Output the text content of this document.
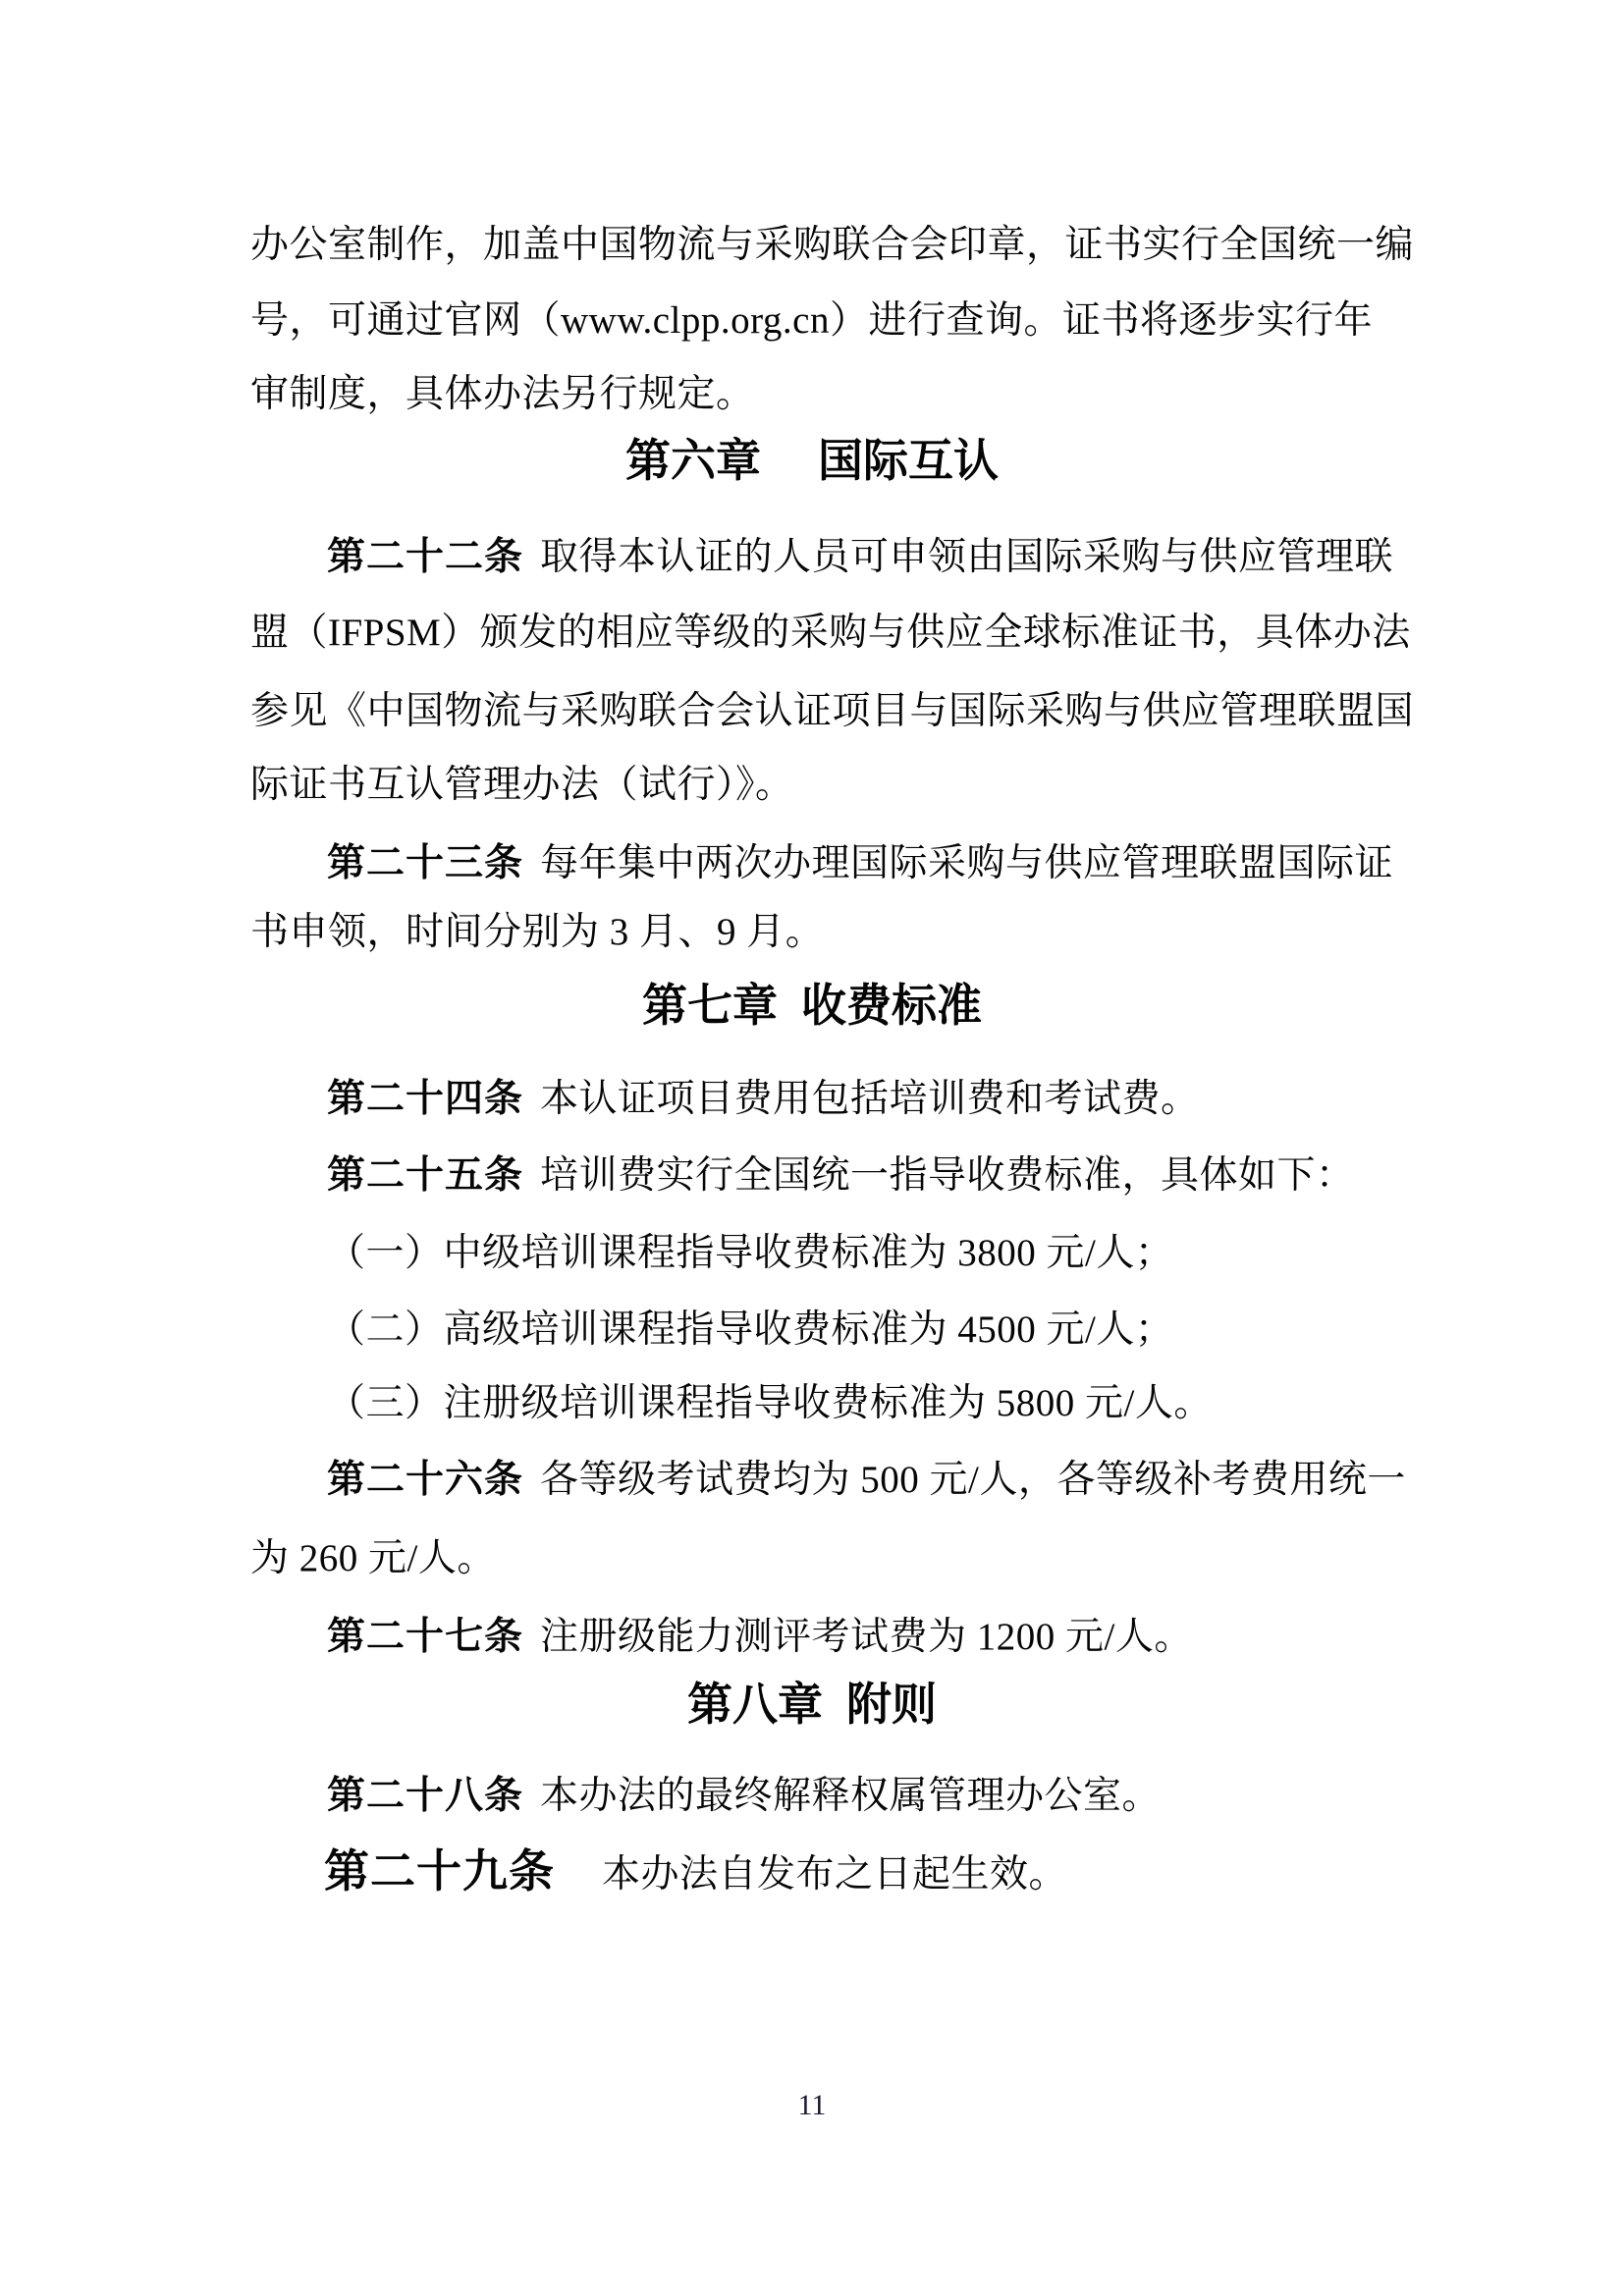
办公室制作，加盖中国物流与采购联合会印章，证书实行全国统一编
号，可通过官网（www.clpp.org.cn）进行查询。证书将逐步实行年
审制度，具体办法另行规定。
第六章 国际互认
第二十二条 取得本认证的人员可申领由国际采购与供应管理联
盟（IFPSM）颁发的相应等级的采购与供应全球标准证书，具体办法
参见《中国物流与采购联合会认证项目与国际采购与供应管理联盟国
际证书互认管理办法（试行）》。
第二十三条 每年集中两次办理国际采购与供应管理联盟国际证
书申领，时间分别为 3 月、9 月。
第七章 收费标准
第二十四条 本认证项目费用包括培训费和考试费。
第二十五条 培训费实行全国统一指导收费标准，具体如下：
（一）中级培训课程指导收费标准为 3800 元/人；
（二）高级培训课程指导收费标准为 4500 元/人；
（三）注册级培训课程指导收费标准为 5800 元/人。
第二十六条 各等级考试费均为 500 元/人，各等级补考费用统一
为 260 元/人。
第二十七条 注册级能力测评考试费为 1200 元/人。
第八章 附则
第二十八条 本办法的最终解释权属管理办公室。
第二十九条 本办法自发布之日起生效。
11
